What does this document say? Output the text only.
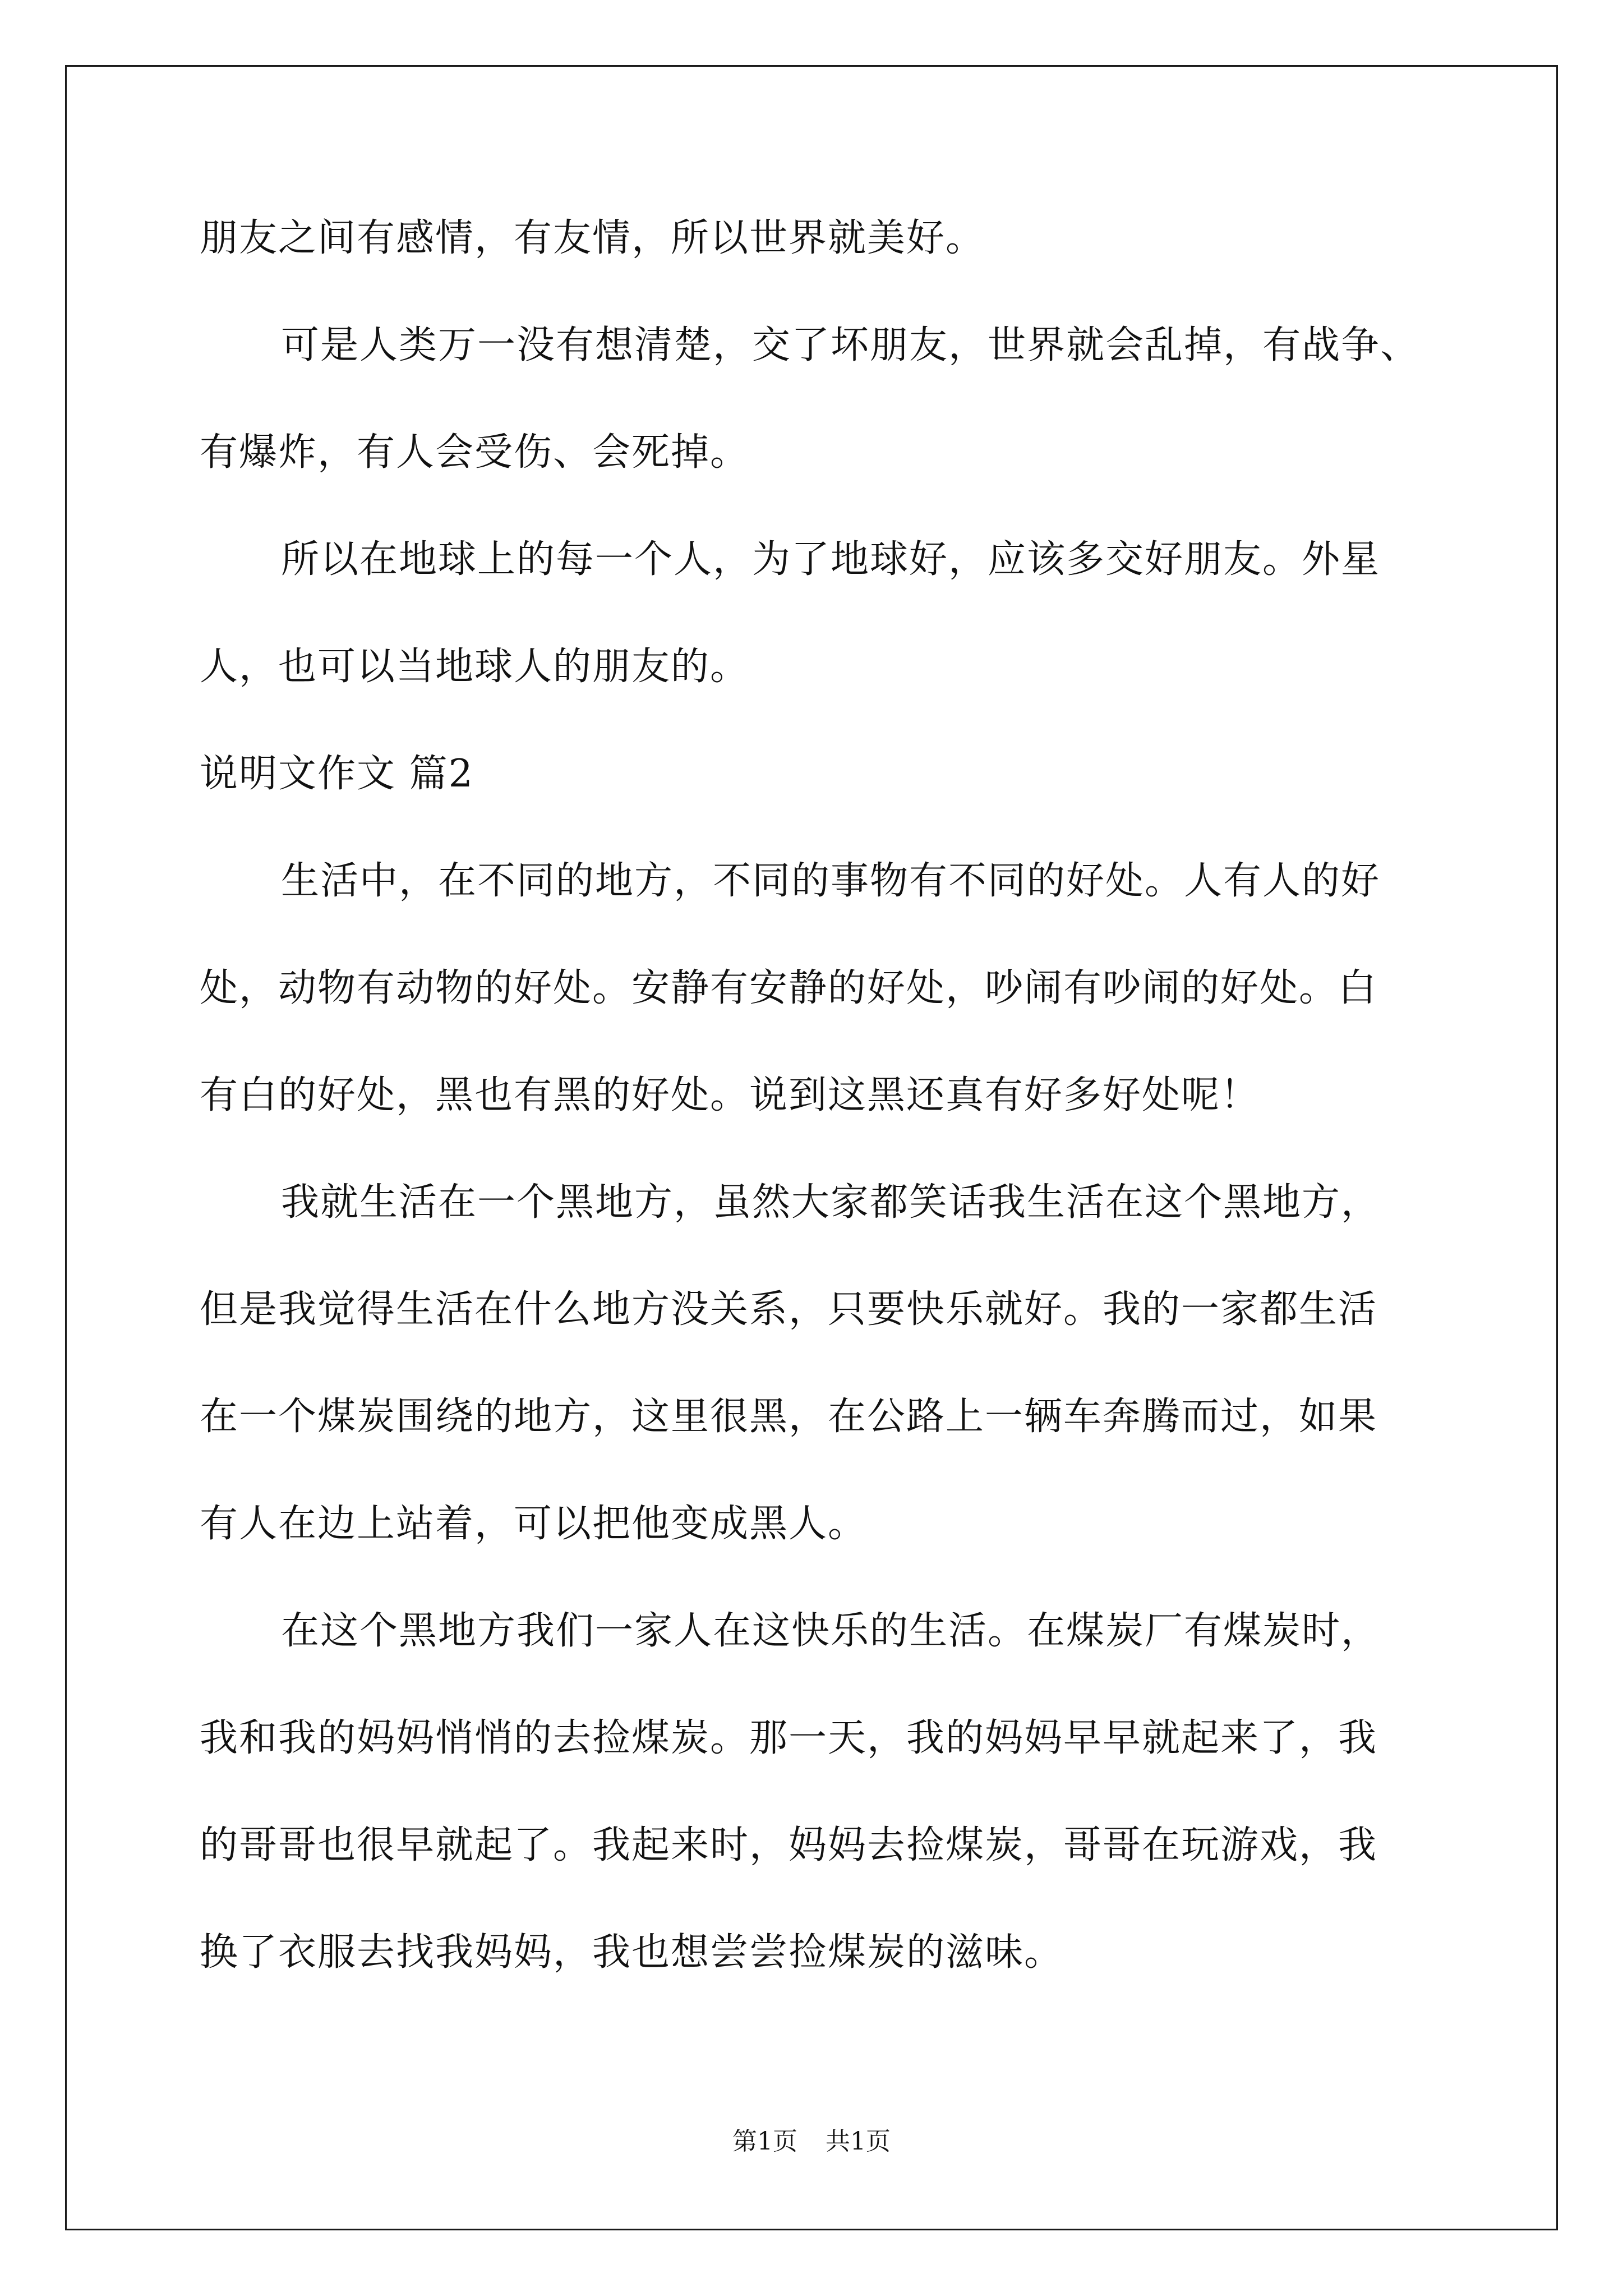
朋友之间有感情，有友情，所以世界就美好。
可是人类万一没有想清楚，交了坏朋友，世界就会乱掉，有战争、
有爆炸，有人会受伤、会死掉。
所以在地球上的每一个人，为了地球好，应该多交好朋友。外星
人，也可以当地球人的朋友的。
说明文作文 篇2
生活中，在不同的地方，不同的事物有不同的好处。人有人的好
处，动物有动物的好处。安静有安静的好处，吵闹有吵闹的好处。白
有白的好处，黑也有黑的好处。说到这黑还真有好多好处呢！
我就生活在一个黑地方，虽然大家都笑话我生活在这个黑地方，
但是我觉得生活在什么地方没关系，只要快乐就好。我的一家都生活
在一个煤炭围绕的地方，这里很黑，在公路上一辆车奔腾而过，如果
有人在边上站着，可以把他变成黑人。
在这个黑地方我们一家人在这快乐的生活。在煤炭厂有煤炭时，
我和我的妈妈悄悄的去捡煤炭。那一天，我的妈妈早早就起来了，我
的哥哥也很早就起了。我起来时，妈妈去捡煤炭，哥哥在玩游戏，我
换了衣服去找我妈妈，我也想尝尝捡煤炭的滋味。
第1页 共1页
